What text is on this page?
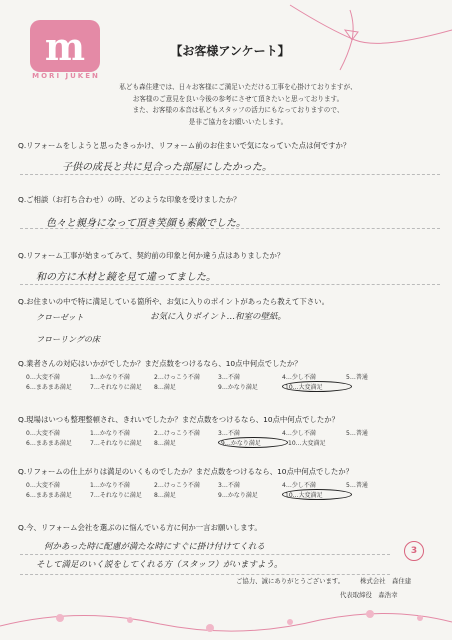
m
MORI JUKEN
【お客様アンケート】
私ども森住建では、日々お客様にご満足いただける工事を心掛けておりますが、
お客様のご意見を良い今後の参考にさせて頂きたいと思っております。
また、お客様の本音は私どもスタッフの活力にもなっておりますので、
是非ご協力をお願いいたします。
Q.リフォームをしようと思ったきっかけ、リフォーム前のお住まいで気になっていた点は何ですか？
子供の成長と共に見合った部屋にしたかった。
Q.ご相談（お打ち合わせ）の時、どのような印象を受けましたか？
色々と親身になって頂き笑顔も素敵でした。
Q.リフォーム工事が始まってみて、契約前の印象と何か違う点はありましたか？
和の方に木材と鏡を見て違ってました。
Q.お住まいの中で特に満足している箇所や、お気に入りのポイントがあったら教えて下さい。
クローゼット	お気に入りポイント…和室の壁紙。
フローリングの床
Q.業者さんの対応はいかがでしたか？まだ点数をつけるなら、10点中何点でしたか？
0…大変不満	1…かなり不満	2…けっこう不満	3…不満	4…少し不満	5…普通
6…まあまあ満足	7…それなりに満足 8…満足	9…かなり満足	10…大変満足
Q.現場はいつも整理整頓され、きれいでしたか？まだ点数をつけるなら、10点中何点でしたか？
0…大変不満	1…かなり不満	2…けっこう不満	3…不満	4…少し不満	5…普通
6…まあまあ満足	7…それなりに満足 8…満足	9…かなり満足	10…大変満足
Q.リフォームの仕上がりは満足のいくものでしたか？まだ点数をつけるなら、10点中何点でしたか？
0…大変不満	1…かなり不満	2…けっこう不満	3…不満	4…少し不満	5…普通
6…まあまあ満足	7…それなりに満足 8…満足	9…かなり満足	10…大変満足
Q.今、リフォーム会社を選ぶのに悩んでいる方に何か一言お願いします。
何かあった時に配慮が満たな時にすぐに掛け付けてくれる
そして満足のいく説をしてくれる方（スタッフ）がいますよう。
3
ご協力、誠にありがとうございます。 株式会社　森住建
代表取締役　森浩幸
